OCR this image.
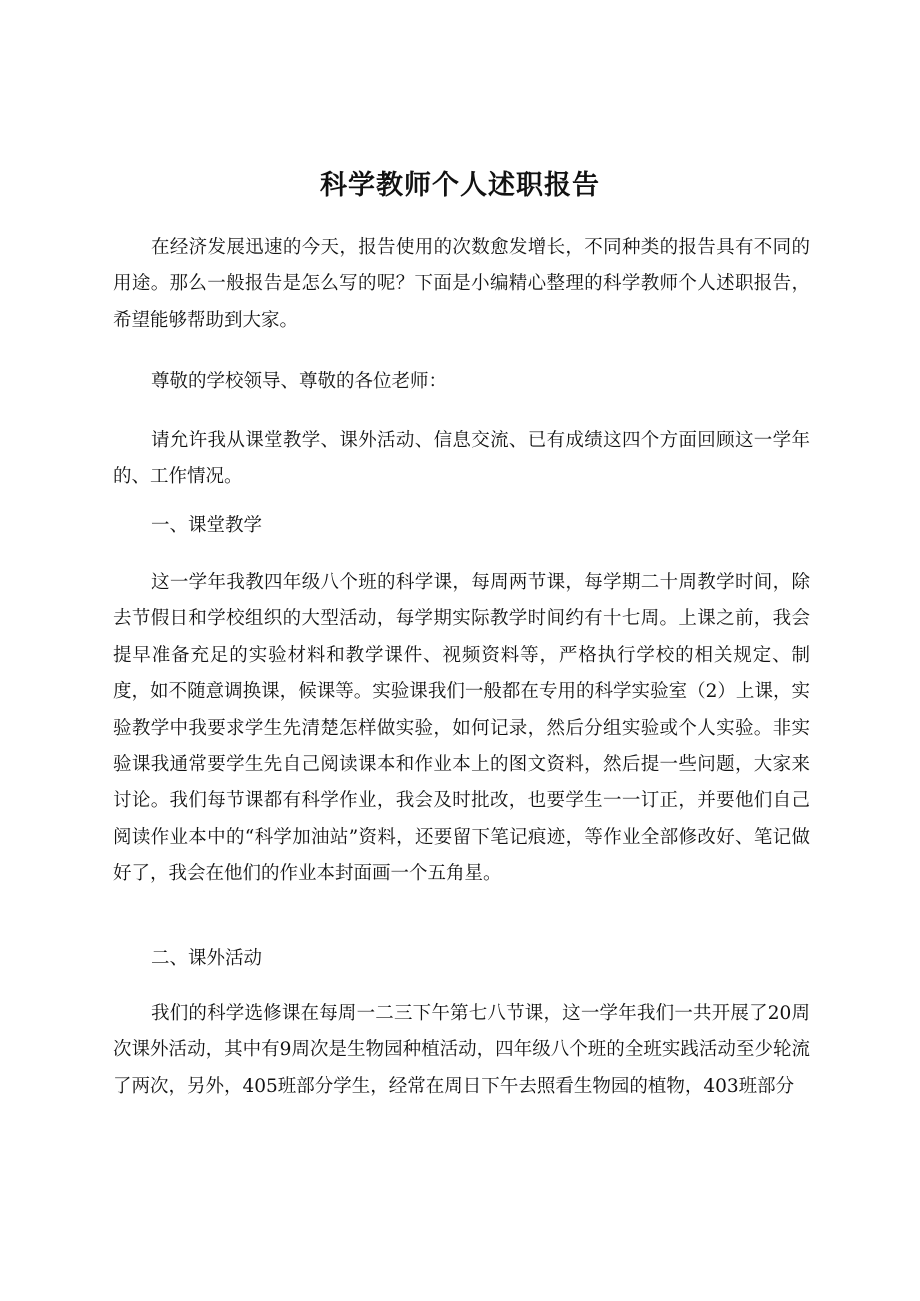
科学教师个人述职报告

在经济发展迅速的今天，报告使用的次数愈发增长，不同种类的报告具有不同的用途。那么一般报告是怎么写的呢？下面是小编精心整理的科学教师个人述职报告，希望能够帮助到大家。

尊敬的学校领导、尊敬的各位老师：

请允许我从课堂教学、课外活动、信息交流、已有成绩这四个方面回顾这一学年的、工作情况。

一、课堂教学

这一学年我教四年级八个班的科学课，每周两节课，每学期二十周教学时间，除去节假日和学校组织的大型活动，每学期实际教学时间约有十七周。上课之前，我会提早准备充足的实验材料和教学课件、视频资料等，严格执行学校的相关规定、制度，如不随意调换课，候课等。实验课我们一般都在专用的科学实验室（2）上课，实验教学中我要求学生先清楚怎样做实验，如何记录，然后分组实验或个人实验。非实验课我通常要学生先自己阅读课本和作业本上的图文资料，然后提一些问题，大家来讨论。我们每节课都有科学作业，我会及时批改，也要学生一一订正，并要他们自己阅读作业本中的“科学加油站”资料，还要留下笔记痕迹，等作业全部修改好、笔记做好了，我会在他们的作业本封面画一个五角星。

二、课外活动

我们的科学选修课在每周一二三下午第七八节课，这一学年我们一共开展了20周次课外活动，其中有9周次是生物园种植活动，四年级八个班的全班实践活动至少轮流了两次，另外，405班部分学生，经常在周日下午去照看生物园的植物，403班部分
